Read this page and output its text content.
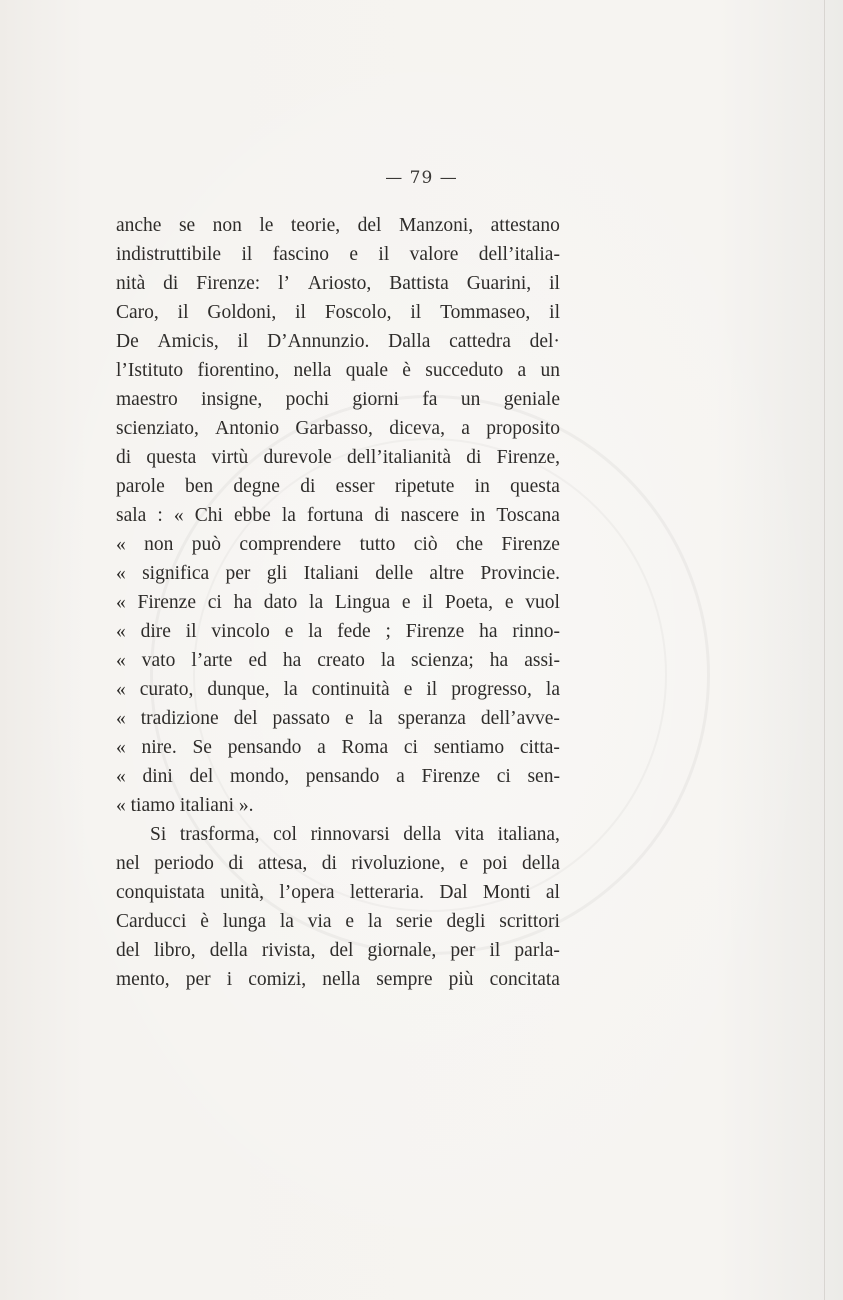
— 79 —
anche se non le teorie, del Manzoni, attestano
indistruttibile il fascino e il valore dell’italia-
nità di Firenze: l’ Ariosto, Battista Guarini, il
Caro, il Goldoni, il Foscolo, il Tommaseo, il
De Amicis, il D’Annunzio. Dalla cattedra del·
l’Istituto fiorentino, nella quale è succeduto a un
maestro insigne, pochi giorni fa un geniale
scienziato, Antonio Garbasso, diceva, a proposito
di questa virtù durevole dell’italianità di Firenze,
parole ben degne di esser ripetute in questa
sala : « Chi ebbe la fortuna di nascere in Toscana
« non può comprendere tutto ciò che Firenze
« significa per gli Italiani delle altre Provincie.
« Firenze ci ha dato la Lingua e il Poeta, e vuol
« dire il vincolo e la fede ; Firenze ha rinno-
« vato l’arte ed ha creato la scienza; ha assi-
« curato, dunque, la continuità e il progresso, la
« tradizione del passato e la speranza dell’avve-
« nire. Se pensando a Roma ci sentiamo citta-
« dini del mondo, pensando a Firenze ci sen-
« tiamo italiani ».
Si trasforma, col rinnovarsi della vita italiana,
nel periodo di attesa, di rivoluzione, e poi della
conquistata unità, l’opera letteraria. Dal Monti al
Carducci è lunga la via e la serie degli scrittori
del libro, della rivista, del giornale, per il parla-
mento, per i comizi, nella sempre più concitata
